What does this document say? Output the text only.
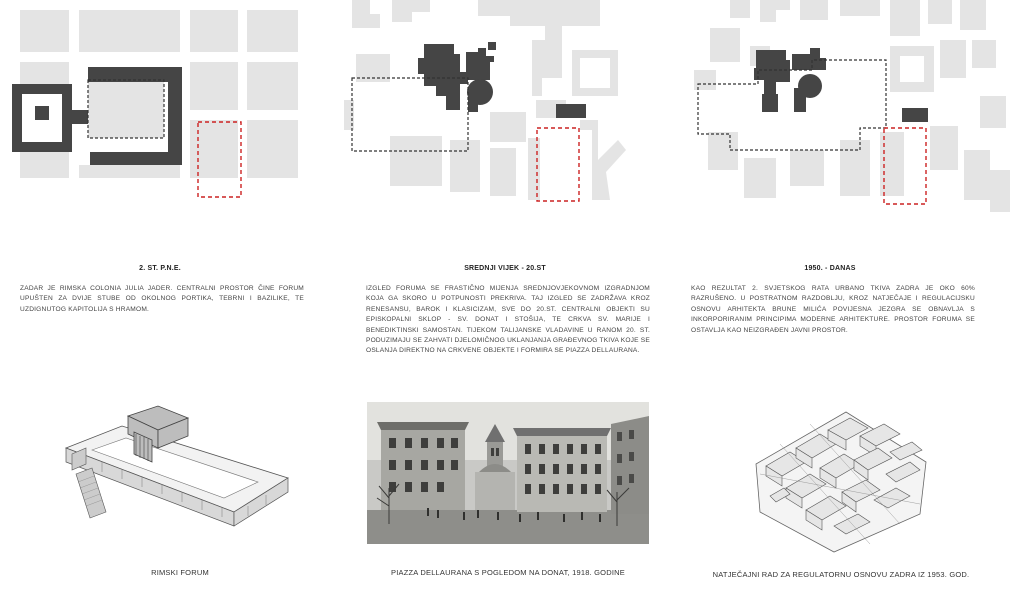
2. ST. P.N.E.
ZADAR JE RIMSKA COLONIA JULIA JADER. CENTRALNI PROSTOR ČINE FORUM UPUŠTEN ZA DVIJE STUBE OD OKOLNOG PORTIKA, TEBRNI I BAZILIKE, TE UZDIGNUTOG KAPITOLIJA S HRAMOM.
SREDNJI VIJEK - 20.ST
IZGLED FORUMA SE FRASTIČNO MIJENJA SREDNJOVJEKOVNOM IZGRADNJOM KOJA GA SKORO U POTPUNOSTI PREKRIVA. TAJ IZGLED SE ZADRŽAVA KROZ RENESANSU, BAROK I KLASICIZAM, SVE DO 20.ST. CENTRALNI OBJEKTI SU EPISKOPALNI SKLOP - SV. DONAT I STOŠIJA, TE CRKVA SV. MARIJE I BENEDIKTINSKI SAMOSTAN. TIJEKOM TALIJANSKE VLADAVINE U RANOM 20. ST. PODUZIMAJU SE ZAHVATI DJELOMIČNOG UKLANJANJA GRAĐEVNOG TKIVA KOJE SE OSLANJA DIREKTNO NA CRKVENE OBJEKTE I FORMIRA SE PIAZZA DELLAURANA.
1950. - DANAS
KAO REZULTAT 2. SVJETSKOG RATA URBANO TKIVA ZADRA JE OKO 60% RAZRUŠENO. U POSTRATNOM RAZDOBLJU, KROZ NATJEČAJE I REGULACIJSKU OSNOVU ARHITEKTA BRUNE MILIĆA POVIJESNA JEZGRA SE OBNAVLJA S INKORPORIRANIM PRINCIPIMA MODERNE ARHITEKTURE. PROSTOR FORUMA SE OSTAVLJA KAO NEIZGRAĐEN JAVNI PROSTOR.
RIMSKI FORUM	PIAZZA DELLAURANA S POGLEDOM NA DONAT, 1918. GODINE	NATJEČAJNI RAD ZA REGULATORNU OSNOVU ZADRA IZ 1953. GOD.
